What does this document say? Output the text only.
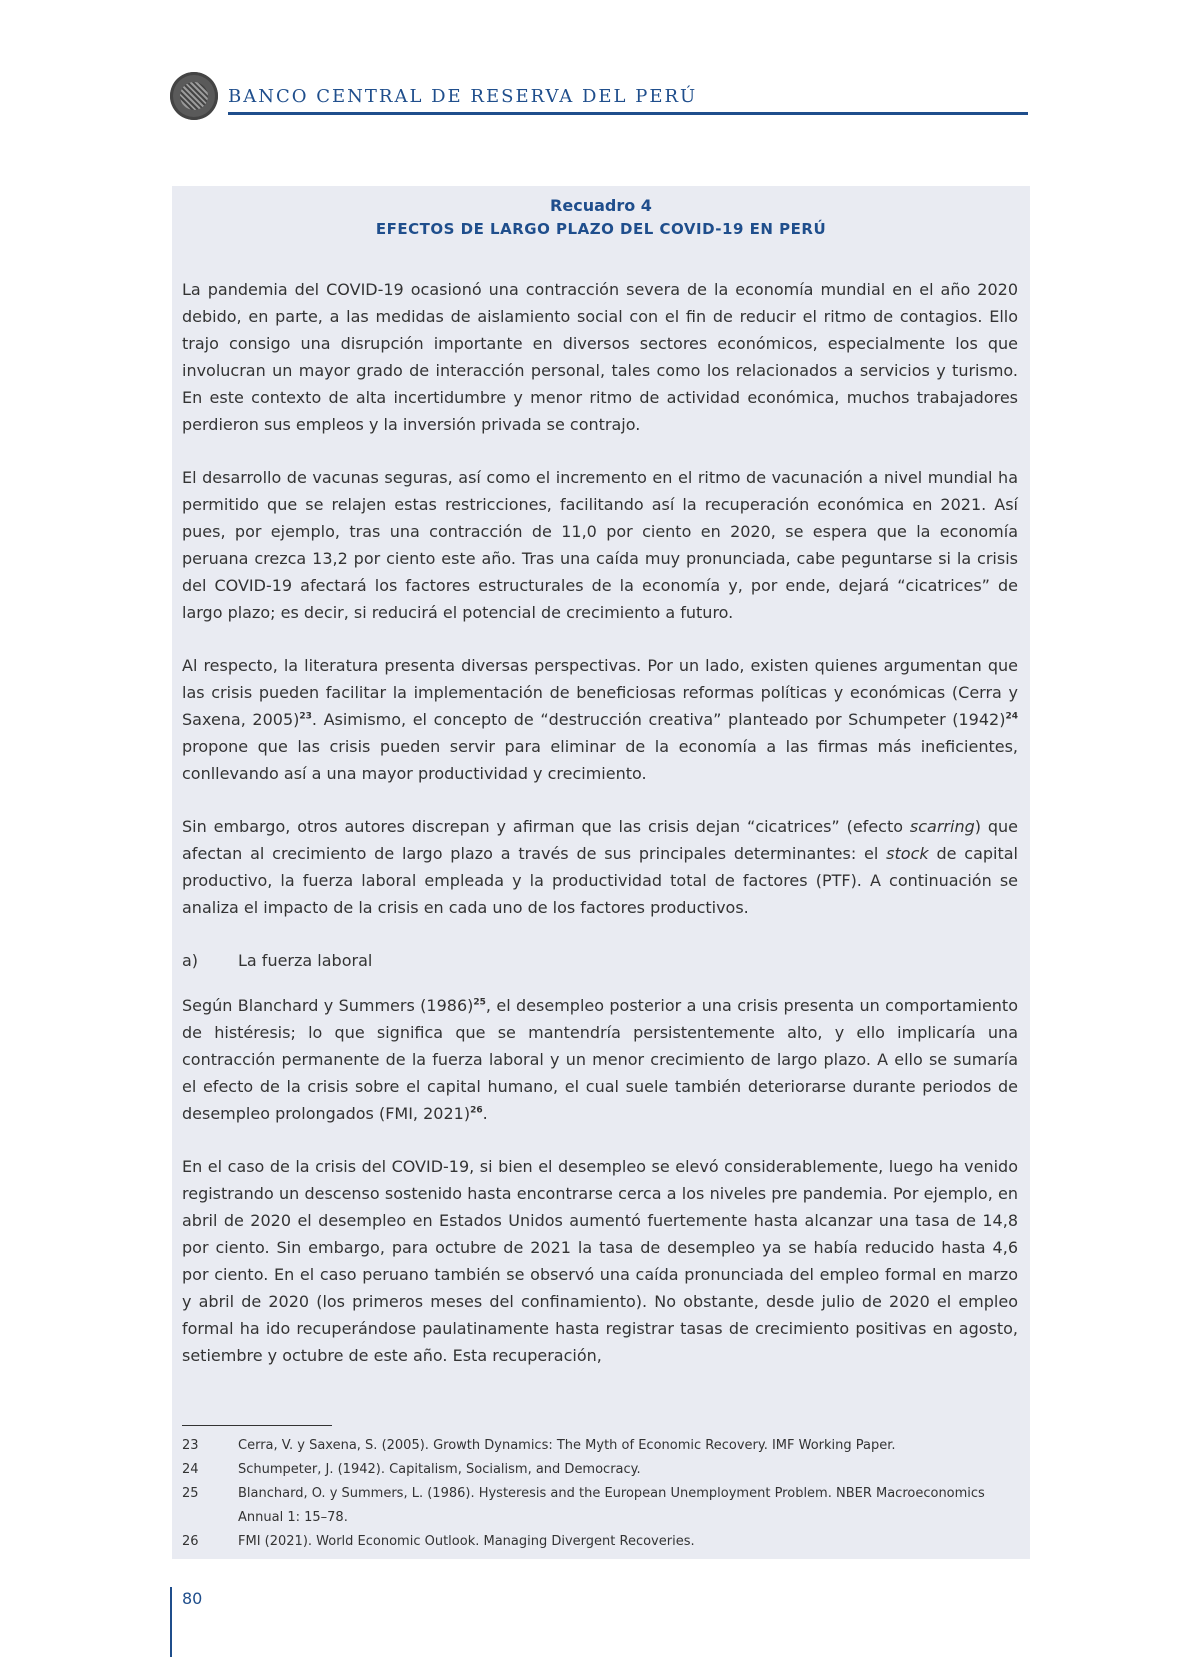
BANCO CENTRAL DE RESERVA DEL PERÚ
Recuadro 4
EFECTOS DE LARGO PLAZO DEL COVID-19 EN PERÚ

La pandemia del COVID-19 ocasionó una contracción severa de la economía mundial en el año 2020 debido, en parte, a las medidas de aislamiento social con el fin de reducir el ritmo de contagios. Ello trajo consigo una disrupción importante en diversos sectores económicos, especialmente los que involucran un mayor grado de interacción personal, tales como los relacionados a servicios y turismo. En este contexto de alta incertidumbre y menor ritmo de actividad económica, muchos trabajadores perdieron sus empleos y la inversión privada se contrajo.

El desarrollo de vacunas seguras, así como el incremento en el ritmo de vacunación a nivel mundial ha permitido que se relajen estas restricciones, facilitando así la recuperación económica en 2021. Así pues, por ejemplo, tras una contracción de 11,0 por ciento en 2020, se espera que la economía peruana crezca 13,2 por ciento este año. Tras una caída muy pronunciada, cabe peguntarse si la crisis del COVID-19 afectará los factores estructurales de la economía y, por ende, dejará “cicatrices” de largo plazo; es decir, si reducirá el potencial de crecimiento a futuro.

Al respecto, la literatura presenta diversas perspectivas. Por un lado, existen quienes argumentan que las crisis pueden facilitar la implementación de beneficiosas reformas políticas y económicas (Cerra y Saxena, 2005)$^{23}$. Asimismo, el concepto de “destrucción creativa” planteado por Schumpeter $(1942)^{24}$ propone que las crisis pueden servir para eliminar de la economía a las firmas más ineficientes, conllevando así a una mayor productividad y crecimiento.

Sin embargo, otros autores discrepan y afirman que las crisis dejan “cicatrices” (efecto scarring) que afectan al crecimiento de largo plazo a través de sus principales determinantes: el stock de capital productivo, la fuerza laboral empleada y la productividad total de factores (PTF). A continuación se analiza el impacto de la crisis en cada uno de los factores productivos.

a)	La fuerza laboral

Según Blanchard y Summers $(1986)^{25}$, el desempleo posterior a una crisis presenta un comportamiento de histéresis; lo que significa que se mantendría persistentemente alto, y ello implicaría una contracción permanente de la fuerza laboral y un menor crecimiento de largo plazo. A ello se sumaría el efecto de la crisis sobre el capital humano, el cual suele también deteriorarse durante periodos de desempleo prolongados (FMI, 2021)$^{26}$.

En el caso de la crisis del COVID-19, si bien el desempleo se elevó considerablemente, luego ha venido registrando un descenso sostenido hasta encontrarse cerca a los niveles pre pandemia. Por ejemplo, en abril de 2020 el desempleo en Estados Unidos aumentó fuertemente hasta alcanzar una tasa de 14,8 por ciento. Sin embargo, para octubre de 2021 la tasa de desempleo ya se había reducido hasta 4,6 por ciento. En el caso peruano también se observó una caída pronunciada del empleo formal en marzo y abril de 2020 (los primeros meses del confinamiento). No obstante, desde julio de 2020 el empleo formal ha ido recuperándose paulatinamente hasta registrar tasas de crecimiento positivas en agosto, setiembre y octubre de este año. Esta recuperación,

23	Cerra, V. y Saxena, S. (2005). Growth Dynamics: The Myth of Economic Recovery. IMF Working Paper.
24	Schumpeter, J. (1942). Capitalism, Socialism, and Democracy.
25	Blanchard, O. y Summers, L. (1986). Hysteresis and the European Unemployment Problem. NBER Macroeconomics Annual 1: 15–78.
26	FMI (2021). World Economic Outlook. Managing Divergent Recoveries.
80
